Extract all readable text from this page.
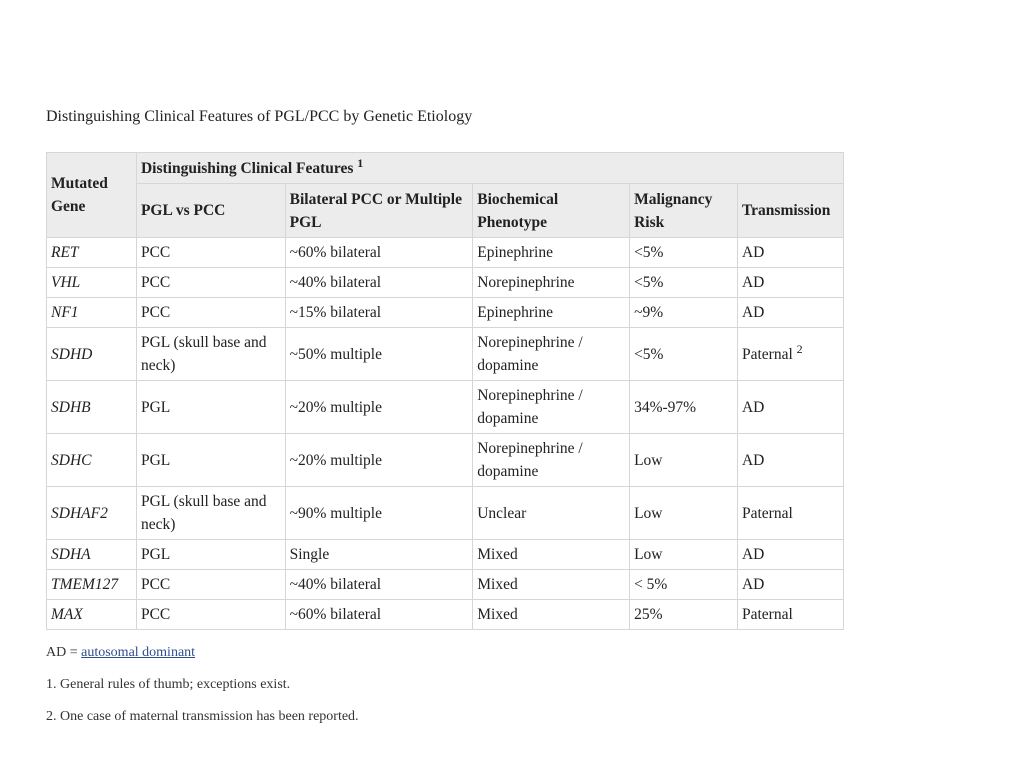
Distinguishing Clinical Features of PGL/PCC by Genetic Etiology
Mutated Gene	Distinguishing Clinical Features $^1$
	PGL vs PCC	Bilateral PCC or Multiple PGL	Biochemical Phenotype	Malignancy Risk	Transmission
RET	PCC	~60% bilateral	Epinephrine	<5%	AD
VHL	PCC	~40% bilateral	Norepinephrine	<5%	AD
NF1	PCC	~15% bilateral	Epinephrine	~9%	AD
SDHD	PGL (skull base and neck)	~50% multiple	Norepinephrine / dopamine	<5%	Paternal $^2$
SDHB	PGL	~20% multiple	Norepinephrine / dopamine	34%-97%	AD
SDHC	PGL	~20% multiple	Norepinephrine / dopamine	Low	AD
SDHAF2	PGL (skull base and neck)	~90% multiple	Unclear	Low	Paternal
SDHA	PGL	Single	Mixed	Low	AD
TMEM127	PCC	~40% bilateral	Mixed	< 5%	AD
MAX	PCC	~60% bilateral	Mixed	25%	Paternal

AD = autosomal dominant

1. General rules of thumb; exceptions exist.

2. One case of maternal transmission has been reported.
